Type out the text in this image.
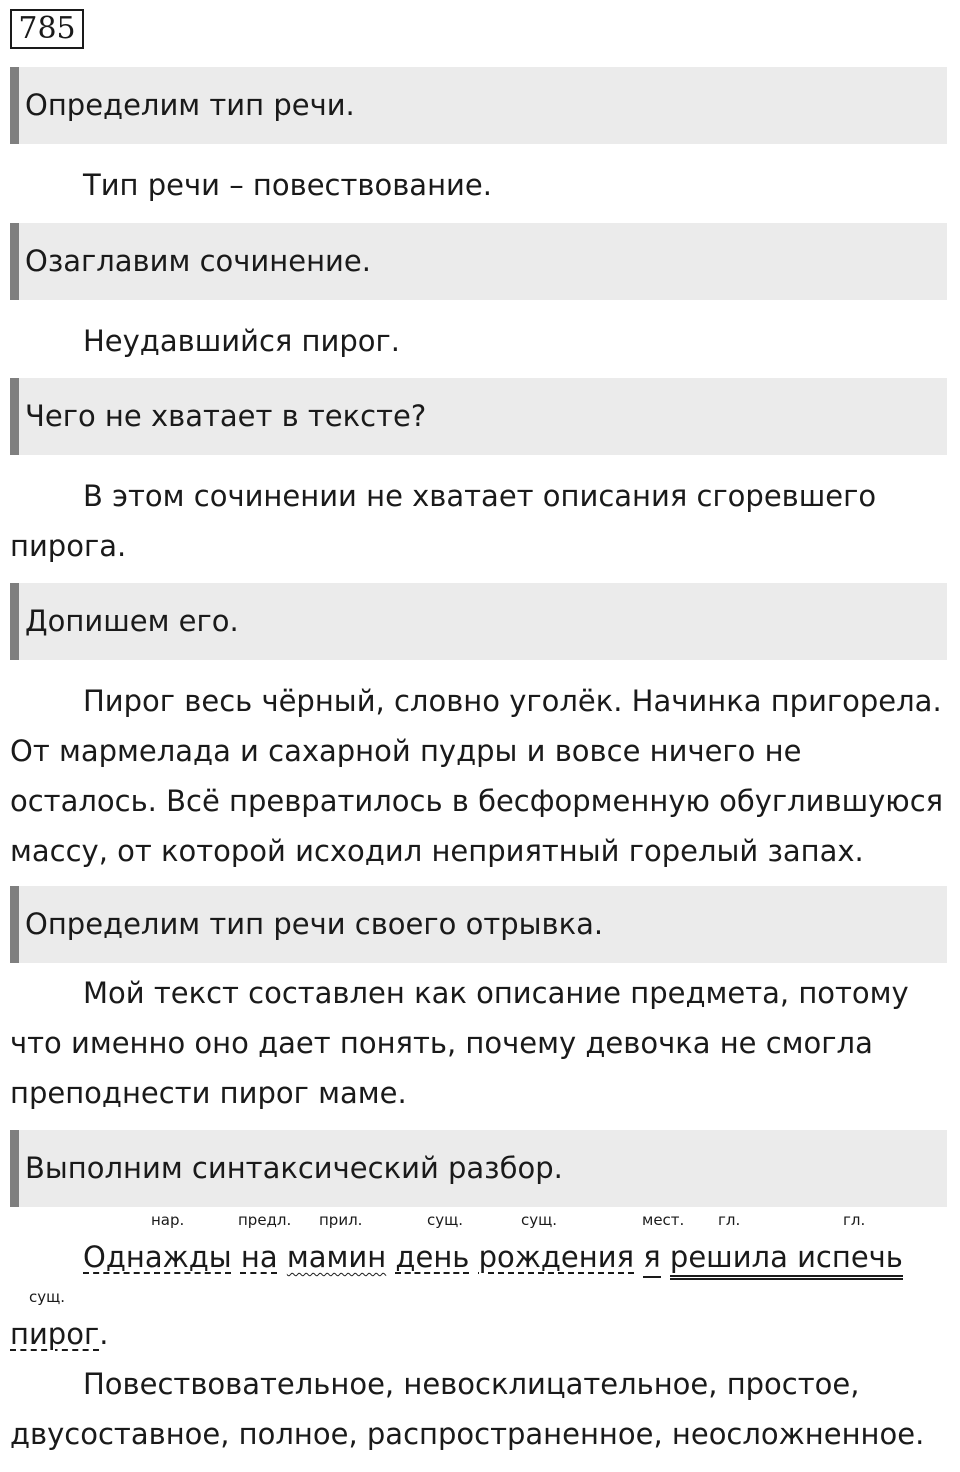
785
Определим тип речи.
Тип речи – повествование.
Озаглавим сочинение.
Неудавшийся пирог.
Чего не хватает в тексте?
В этом сочинении не хватает описания сгоревшего
пирога.
Допишем его.
Пирог весь чёрный, словно уголёк. Начинка пригорела.
От мармелада и сахарной пудры и вовсе ничего не
осталось. Всё превратилось в бесформенную обуглившуюся
массу, от которой исходил неприятный горелый запах.
Определим тип речи своего отрывка.
Мой текст составлен как описание предмета, потому
что именно оно дает понять, почему девочка не смогла
преподнести пирог маме.
Выполним синтаксический разбор.
нар.	предл. прил.	сущ.	сущ.	мест. гл.	гл.
Однажды на мамин день рождения я решила испечь
сущ.
пирог.
Повествовательное, невосклицательное, простое,
двусоставное, полное, распространенное, неосложненное.
